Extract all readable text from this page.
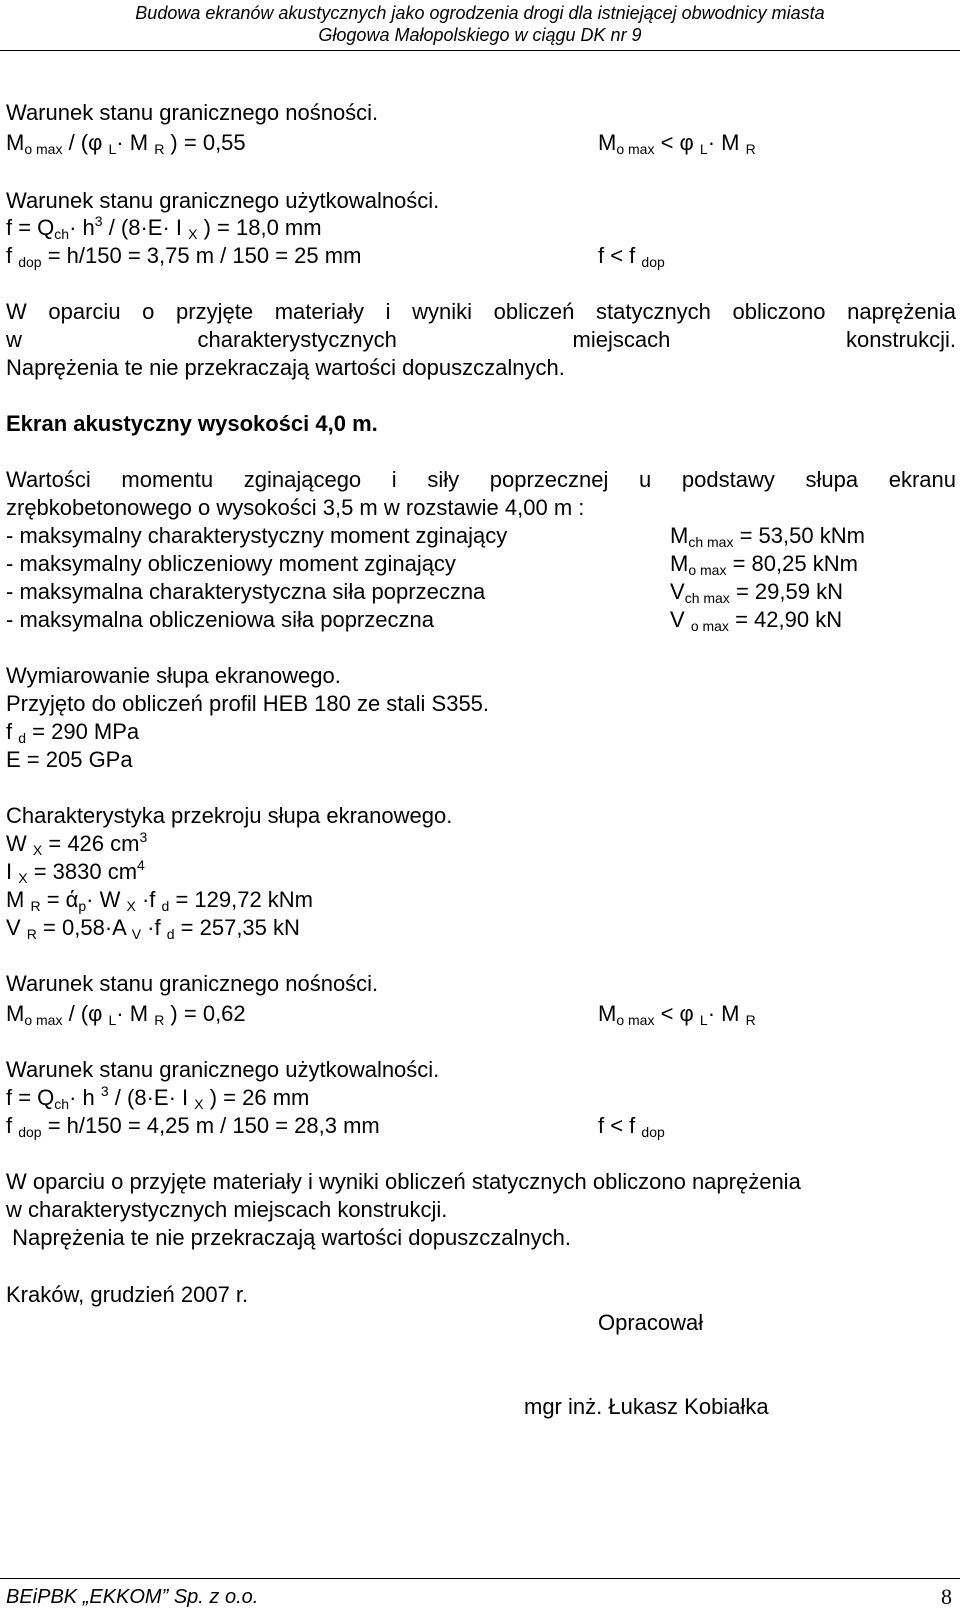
Budowa ekranów akustycznych jako ogrodzenia drogi dla istniejącej obwodnicy miasta
Głogowa Małopolskiego w ciągu DK nr 9
Warunek stanu granicznego nośności.
$M_{o max} / (\varphi$ $_L$· M $_R$ ) = 0,55	$M_{o max} < \varphi$ $_L$· M $_R$
Warunek stanu granicznego użytkowalności.
$f = Q_{ch}\cdot h^3 / (8\cdot E\cdot I$ $_X$ ) = 18,0 mm
f $_{dop}$ = h/150 = 3,75 m / 150 = 25 mm	f < f $_{dop}$
W oparciu o przyjęte materiały i wyniki obliczeń statycznych obliczono naprężenia
w charakterystycznych miejscach konstrukcji.
Naprężenia te nie przekraczają wartości dopuszczalnych.
Ekran akustyczny wysokości 4,0 m.
Wartości momentu zginającego i siły poprzecznej u podstawy słupa ekranu
zrębkobetonowego o wysokości 3,5 m w rozstawie 4,00 m :
- maksymalny charakterystyczny moment zginający	$M_{ch max} = 53,50$ kNm
- maksymalny obliczeniowy moment zginający	$M_{o max} = 80,25$ kNm
- maksymalna charakterystyczna siła poprzeczna	$V_{ch max} = 29,59$ kN
- maksymalna obliczeniowa siła poprzeczna	V $_{o max}$ = 42,90 kN
Wymiarowanie słupa ekranowego.
Przyjęto do obliczeń profil HEB 180 ze stali S355.
f $_d$ = 290 MPa
E = 205 GPa
Charakterystyka przekroju słupa ekranowego.
W $_X$ = 426 $cm^3$
I $_X$ = 3830 $cm^4$
M $_R = ά_p\cdot W$ $_X$ ·f $_d$ = 129,72 kNm
V $_R$ = 0,58·A $_V$ ·f $_d$ = 257,35 kN
Warunek stanu granicznego nośności.
$M_{o max} / (\varphi$ $_L$· M $_R$ ) = 0,62	$M_{o max} < \varphi$ $_L$· M $_R$
Warunek stanu granicznego użytkowalności.
$f = Q_{ch}\cdot h$ $^3$ / (8·E· I $_X$ ) = 26 mm
f $_{dop}$ = h/150 = 4,25 m / 150 = 28,3 mm	f < f $_{dop}$
W oparciu o przyjęte materiały i wyniki obliczeń statycznych obliczono naprężenia
w charakterystycznych miejscach konstrukcji.
Naprężenia te nie przekraczają wartości dopuszczalnych.
Kraków, grudzień 2007 r.
Opracował
mgr inż. Łukasz Kobiałka
BEiPBK „EKKOM” Sp. z o.o.	8
